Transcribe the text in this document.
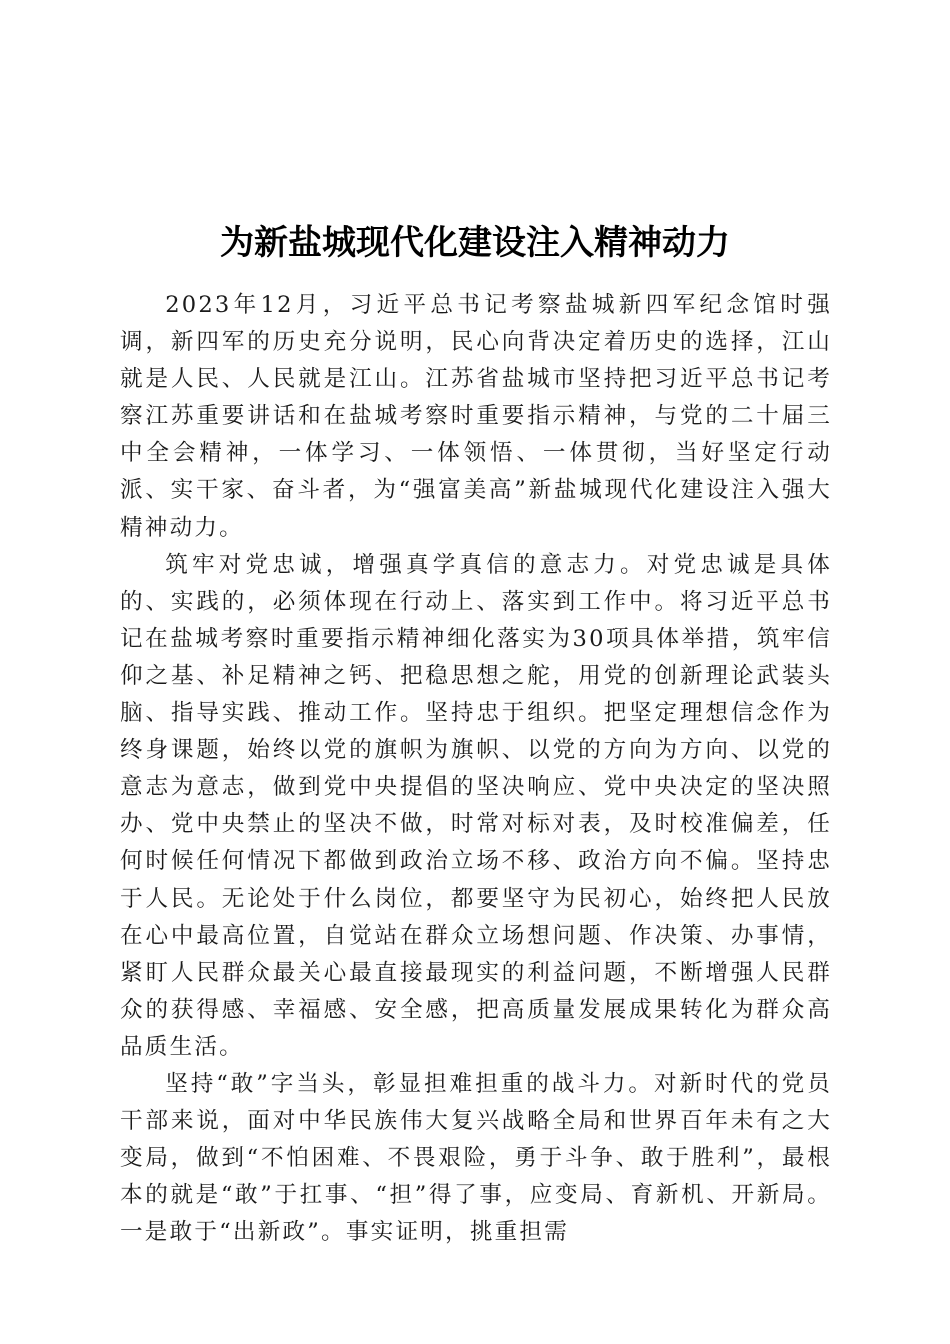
为新盐城现代化建设注入精神动力

2023年12月，习近平总书记考察盐城新四军纪念馆时强调，新四军的历史充分说明，民心向背决定着历史的选择，江山就是人民、人民就是江山。江苏省盐城市坚持把习近平总书记考察江苏重要讲话和在盐城考察时重要指示精神，与党的二十届三中全会精神，一体学习、一体领悟、一体贯彻，当好坚定行动派、实干家、奋斗者，为“强富美高”新盐城现代化建设注入强大精神动力。

筑牢对党忠诚，增强真学真信的意志力。对党忠诚是具体的、实践的，必须体现在行动上、落实到工作中。将习近平总书记在盐城考察时重要指示精神细化落实为30项具体举措，筑牢信仰之基、补足精神之钙、把稳思想之舵，用党的创新理论武装头脑、指导实践、推动工作。坚持忠于组织。把坚定理想信念作为终身课题，始终以党的旗帜为旗帜、以党的方向为方向、以党的意志为意志，做到党中央提倡的坚决响应、党中央决定的坚决照办、党中央禁止的坚决不做，时常对标对表，及时校准偏差，任何时候任何情况下都做到政治立场不移、政治方向不偏。坚持忠于人民。无论处于什么岗位，都要坚守为民初心，始终把人民放在心中最高位置，自觉站在群众立场想问题、作决策、办事情，紧盯人民群众最关心最直接最现实的利益问题，不断增强人民群众的获得感、幸福感、安全感，把高质量发展成果转化为群众高品质生活。

坚持“敢”字当头，彰显担难担重的战斗力。对新时代的党员干部来说，面对中华民族伟大复兴战略全局和世界百年未有之大变局，做到“不怕困难、不畏艰险，勇于斗争、敢于胜利”，最根本的就是“敢”于扛事、“担”得了事，应变局、育新机、开新局。一是敢于“出新政”。事实证明，挑重担需
